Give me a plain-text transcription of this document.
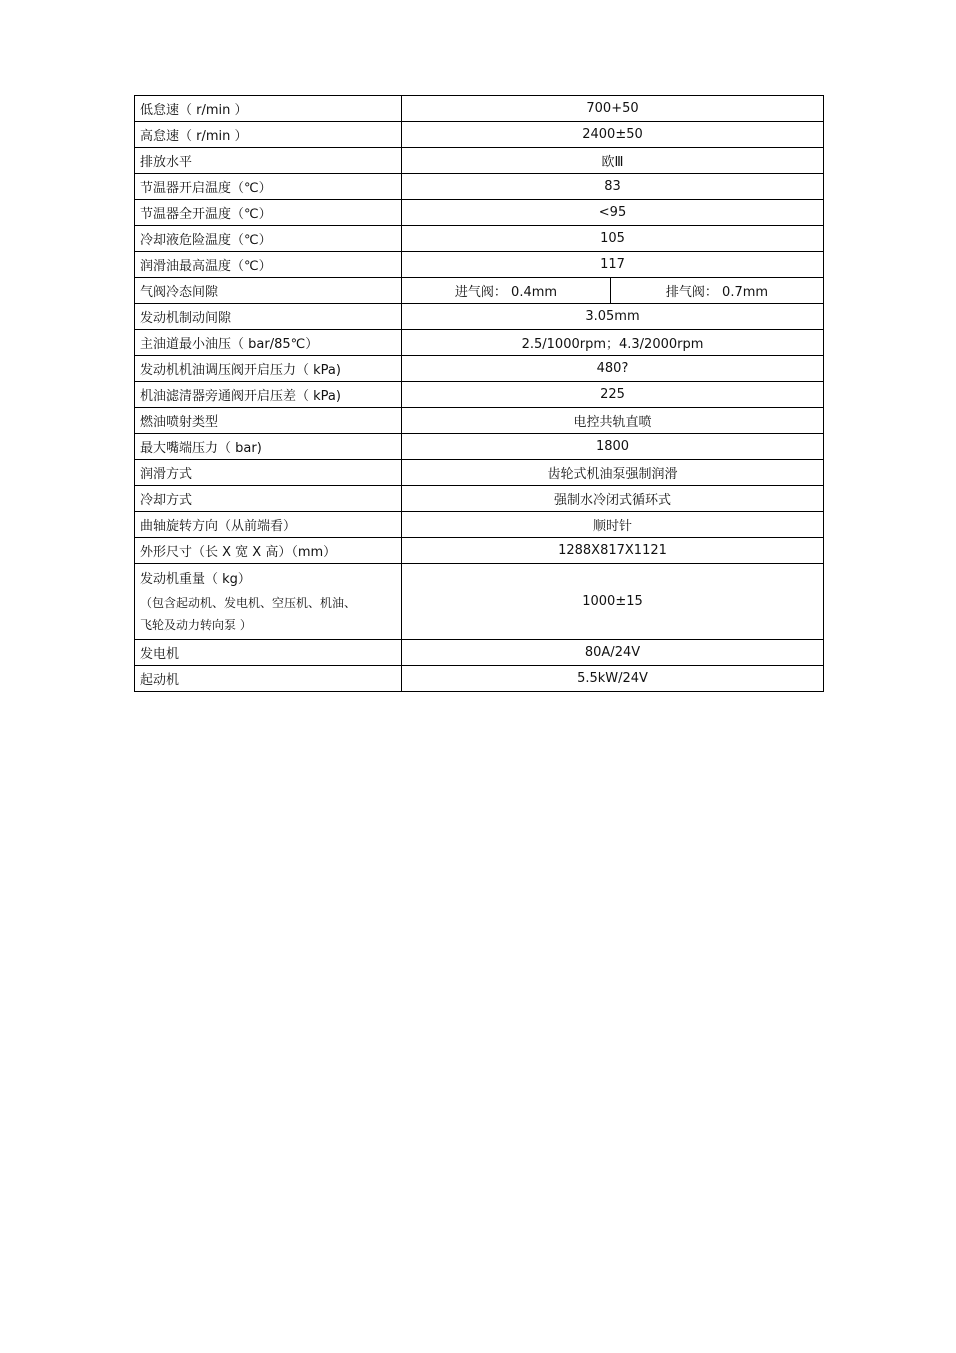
低怠速（ r/min ）	700+50	
高怠速（ r/min ）	2400±50	
排放水平	欧Ⅲ	
节温器开启温度（℃）	83	
节温器全开温度（℃）	<95	
冷却液危险温度（℃）	105	
润滑油最高温度（℃）	117	
气阀冷态间隙	进气阀： 0.4mm	排气阀： 0.7mm
发动机制动间隙	3.05mm	
主油道最小油压（ bar/85℃）	2.5/1000rpm；4.3/2000rpm	
发动机机油调压阀开启压力（ kPa)	480?	
机油滤清器旁通阀开启压差（ kPa)	225	
燃油喷射类型	电控共轨直喷	
最大嘴端压力（ bar)	1800	
润滑方式	齿轮式机油泵强制润滑	
冷却方式	强制水冷闭式循环式	
曲轴旋转方向（从前端看）	顺时针	
外形尺寸（长 X 宽 X 高）（mm）	1288X817X1121	

发动机重量（ kg）
（包含起动机、发电机、空压机、机油、
飞轮及动力转向泵 ）	1000±15	
发电机	80A/24V	
起动机	5.5kW/24V	
